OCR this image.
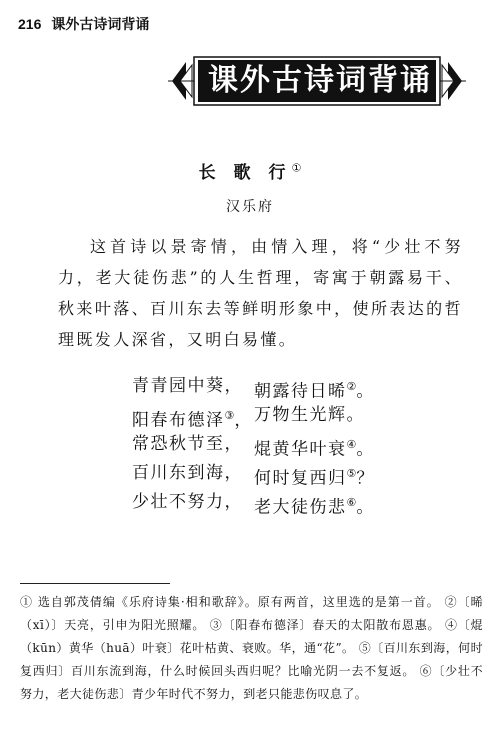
216 课外古诗词背诵
课外古诗词背诵
长 歌 行①
汉乐府

这首诗以景寄情，由情入理，将“少壮不努力，老大徒伤悲”的人生哲理，寄寓于朝露易干、秋来叶落、百川东去等鲜明形象中，使所表达的哲理既发人深省，又明白易懂。

青青园中葵， 朝露待日晞②。
阳春布德泽③， 万物生光辉。
常恐秋节至， 焜黄华叶衰④。
百川东到海， 何时复西归⑤？
少壮不努力， 老大徒伤悲⑥。

① 选自郭茂倩编《乐府诗集·相和歌辞》。原有两首，这里选的是第一首。 ②〔晞（xī）〕天亮，引申为阳光照耀。 ③〔阳春布德泽〕春天的太阳散布恩惠。 ④〔焜（kūn）黄华（huā）叶衰〕花叶枯黄、衰败。华，通“花”。 ⑤〔百川东到海，何时复西归〕百川东流到海，什么时候回头西归呢？比喻光阴一去不复返。 ⑥〔少壮不努力，老大徒伤悲〕青少年时代不努力，到老只能悲伤叹息了。
